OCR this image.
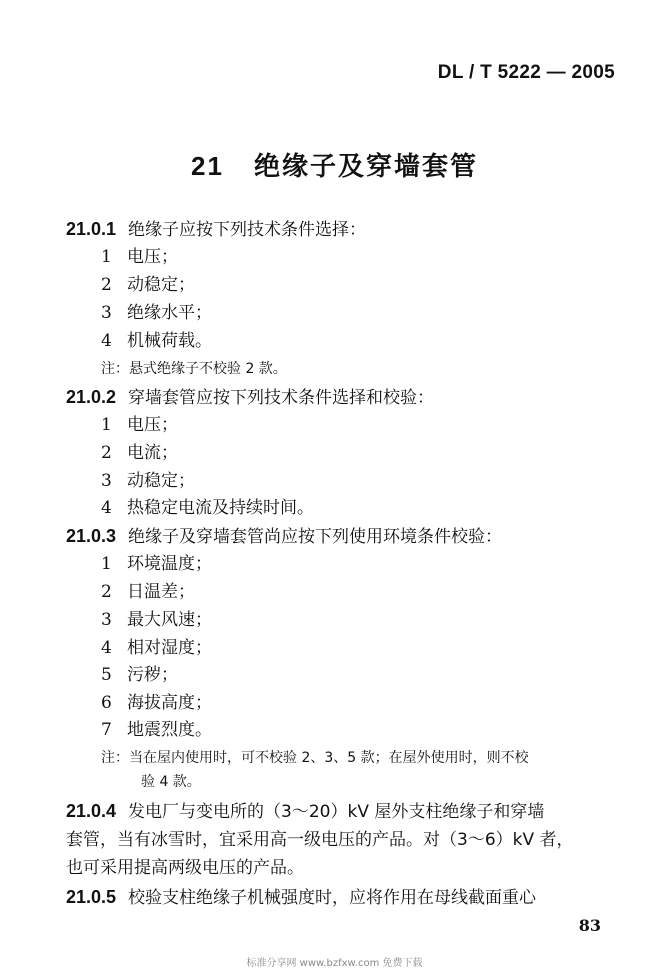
DL / T 5222 — 2005
21 绝缘子及穿墙套管
21.0.1 绝缘子应按下列技术条件选择：
1 电压；
2 动稳定；
3 绝缘水平；
4 机械荷载。
注：悬式绝缘子不校验 2 款。
21.0.2 穿墙套管应按下列技术条件选择和校验：
1 电压；
2 电流；
3 动稳定；
4 热稳定电流及持续时间。
21.0.3 绝缘子及穿墙套管尚应按下列使用环境条件校验：
1 环境温度；
2 日温差；
3 最大风速；
4 相对湿度；
5 污秽；
6 海拔高度；
7 地震烈度。
注：当在屋内使用时，可不校验 2、3、5 款；在屋外使用时，则不校
验 4 款。
21.0.4 发电厂与变电所的（3～20）kV 屋外支柱绝缘子和穿墙
套管，当有冰雪时，宜采用高一级电压的产品。对（3～6）kV 者，
也可采用提高两级电压的产品。
21.0.5 校验支柱绝缘子机械强度时，应将作用在母线截面重心
83
标准分享网 www.bzfxw.com 免费下载
